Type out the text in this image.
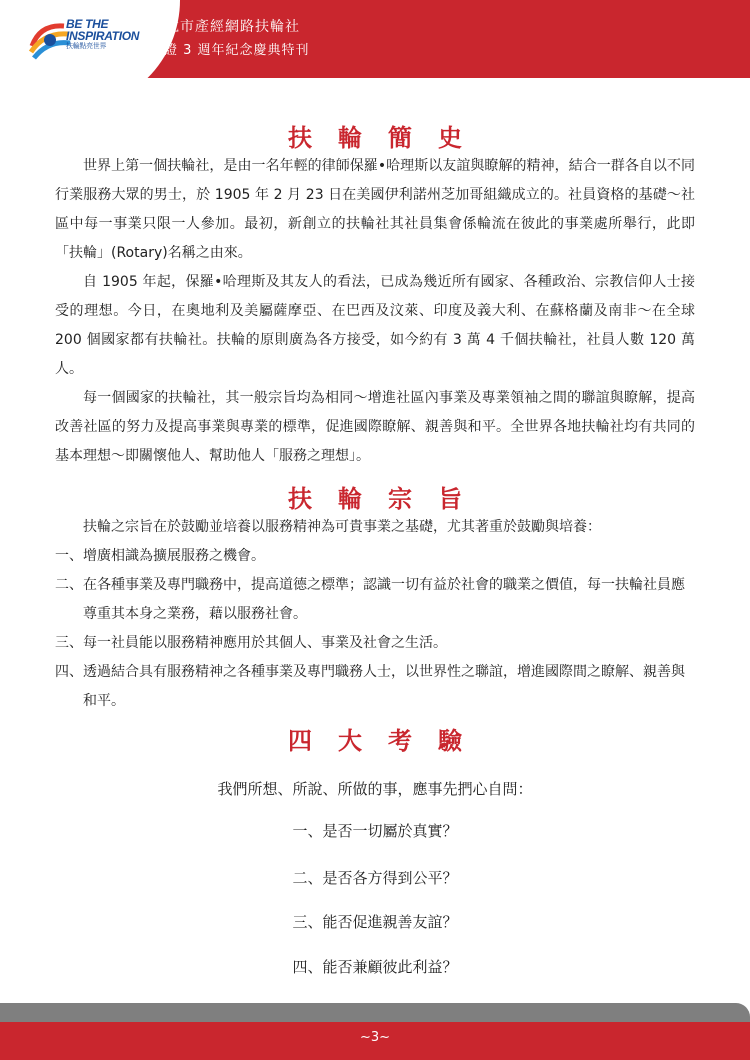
BE THE
INSPIRATION
扶輪點亮世界
新北市產經網路扶輪社
授證 3 週年紀念慶典特刊
扶輪簡史

世界上第一個扶輪社，是由一名年輕的律師保羅•哈理斯以友誼與瞭解的精神，結合一群各自以不同行業服務大眾的男士，於 1905 年 2 月 23 日在美國伊利諾州芝加哥組織成立的。社員資格的基礎～社區中每一事業只限一人參加。最初，新創立的扶輪社其社員集會係輪流在彼此的事業處所舉行，此即「扶輪」(Rotary)名稱之由來。

自 1905 年起，保羅•哈理斯及其友人的看法，已成為幾近所有國家、各種政治、宗教信仰人士接受的理想。今日，在奧地利及美屬薩摩亞、在巴西及汶萊、印度及義大利、在蘇格蘭及南非～在全球 200 個國家都有扶輪社。扶輪的原則廣為各方接受，如今約有 3 萬 4 千個扶輪社，社員人數 120 萬人。

每一個國家的扶輪社，其一般宗旨均為相同～增進社區內事業及專業領袖之間的聯誼與瞭解，提高改善社區的努力及提高事業與專業的標準，促進國際瞭解、親善與和平。全世界各地扶輪社均有共同的基本理想～即關懷他人、幫助他人「服務之理想」。

扶輪宗旨

扶輪之宗旨在於鼓勵並培養以服務精神為可貴事業之基礎，尤其著重於鼓勵與培養：

一、增廣相識為擴展服務之機會。
二、在各種事業及專門職務中，提高道德之標準；認識一切有益於社會的職業之價值，每一扶輪社員應尊重其本身之業務，藉以服務社會。
三、每一社員能以服務精神應用於其個人、事業及社會之生活。
四、透過結合具有服務精神之各種事業及專門職務人士，以世界性之聯誼，增進國際間之瞭解、親善與和平。
四大考驗
我們所想、所說、所做的事，應事先捫心自問：
一、是否一切屬於真實？
二、是否各方得到公平？
三、能否促進親善友誼？
四、能否兼顧彼此利益？
~3~
